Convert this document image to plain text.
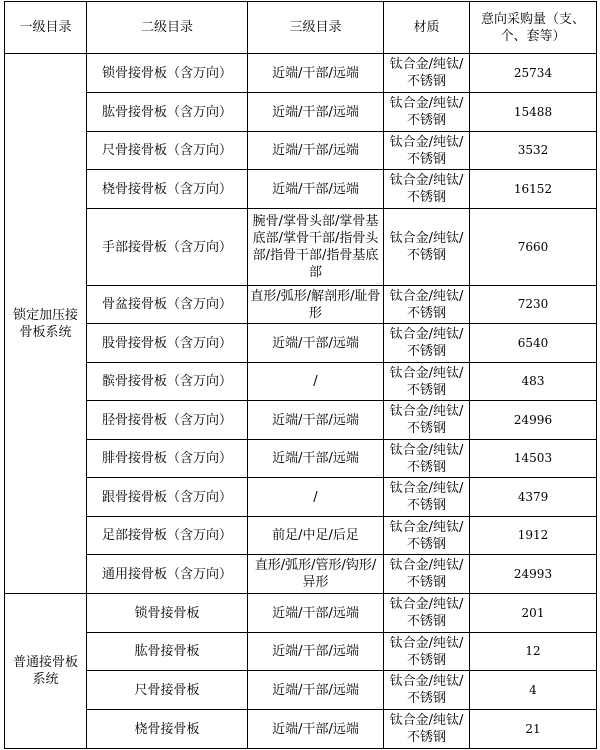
一级目录	二级目录	三级目录	材质	意向采购量（支、个、套等）
锁定加压接骨板系统	锁骨接骨板（含万向）	近端/干部/远端	钛合金/纯钛/不锈钢	25734
	肱骨接骨板（含万向）	近端/干部/远端	钛合金/纯钛/不锈钢	15488
	尺骨接骨板（含万向）	近端/干部/远端	钛合金/纯钛/不锈钢	3532
	桡骨接骨板（含万向）	近端/干部/远端	钛合金/纯钛/不锈钢	16152
	手部接骨板（含万向）	腕骨/掌骨头部/掌骨基底部/掌骨干部/指骨头部/指骨干部/指骨基底部	钛合金/纯钛/不锈钢	7660
	骨盆接骨板（含万向）	直形/弧形/解剖形/耻骨形	钛合金/纯钛/不锈钢	7230
	股骨接骨板（含万向）	近端/干部/远端	钛合金/纯钛/不锈钢	6540
	髌骨接骨板（含万向）	/	钛合金/纯钛/不锈钢	483
	胫骨接骨板（含万向）	近端/干部/远端	钛合金/纯钛/不锈钢	24996
	腓骨接骨板（含万向）	近端/干部/远端	钛合金/纯钛/不锈钢	14503
	跟骨接骨板（含万向）	/	钛合金/纯钛/不锈钢	4379
	足部接骨板（含万向）	前足/中足/后足	钛合金/纯钛/不锈钢	1912
	通用接骨板（含万向）	直形/弧形/管形/钩形/异形	钛合金/纯钛/不锈钢	24993
普通接骨板系统	锁骨接骨板	近端/干部/远端	钛合金/纯钛/不锈钢	201
	肱骨接骨板	近端/干部/远端	钛合金/纯钛/不锈钢	12
	尺骨接骨板	近端/干部/远端	钛合金/纯钛/不锈钢	4
	桡骨接骨板	近端/干部/远端	钛合金/纯钛/不锈钢	21
